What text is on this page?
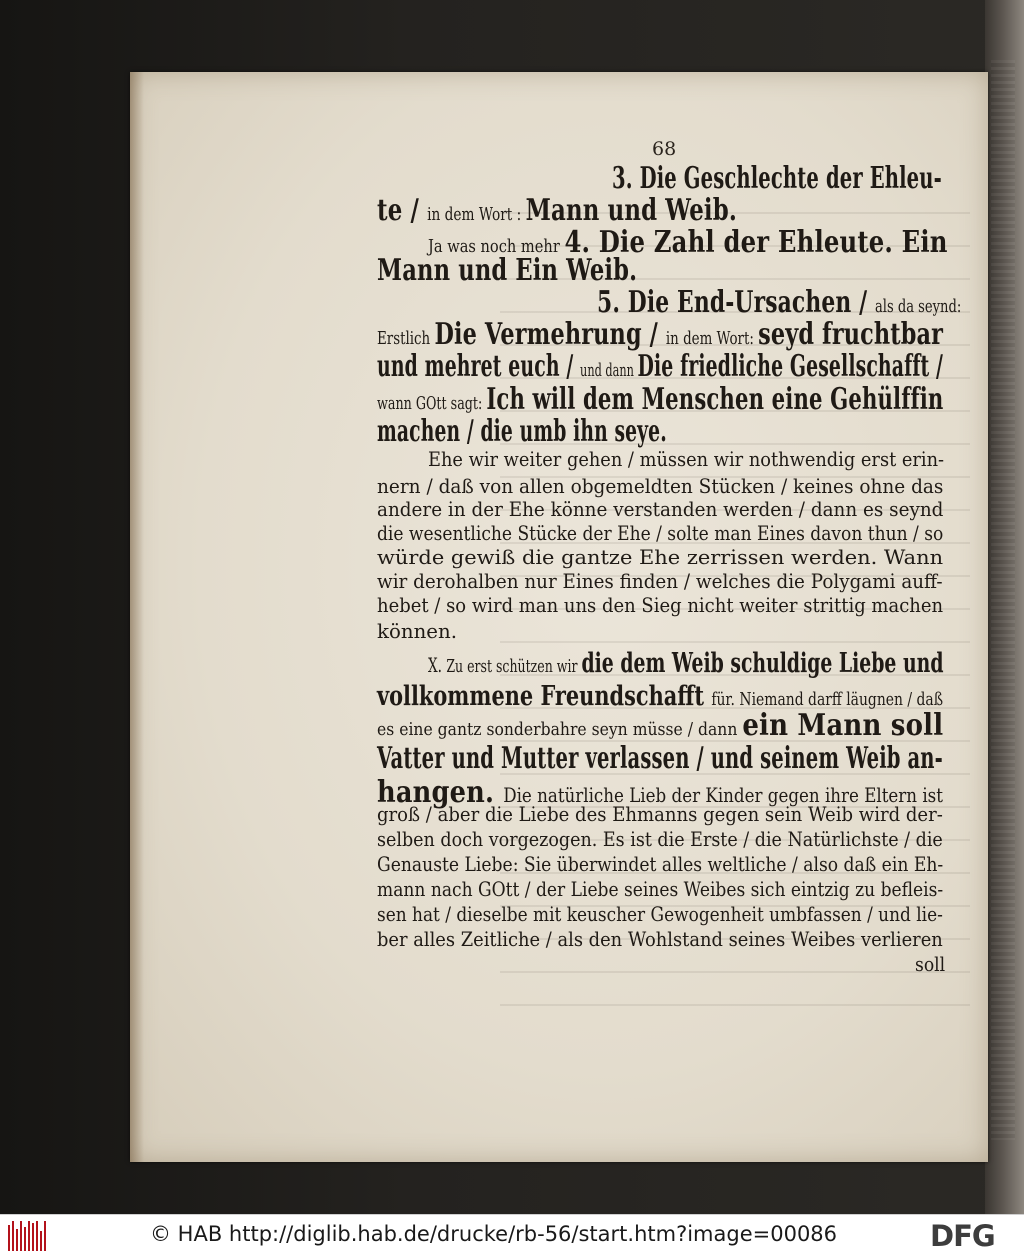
68
3. Die Geschlechte der Ehleu-
te / in dem Wort : Mann und Weib.
Ja was noch mehr 4. Die Zahl der Ehleute. Ein
Mann und Ein Weib.
5. Die End-Ursachen / als da seynd:
Erstlich Die Vermehrung / in dem Wort: seyd fruchtbar
und mehret euch / und dann Die friedliche Gesellschafft /
wann GOtt sagt: Ich will dem Menschen eine Gehülffin
machen / die umb ihn seye.
Ehe wir weiter gehen / müssen wir nothwendig erst erin-
nern / daß von allen obgemeldten Stücken / keines ohne das
andere in der Ehe könne verstanden werden / dann es seynd
die wesentliche Stücke der Ehe / solte man Eines davon thun / so
würde gewiß die gantze Ehe zerrissen werden. Wann
wir derohalben nur Eines finden / welches die Polygami auff-
hebet / so wird man uns den Sieg nicht weiter strittig machen
können.
X. Zu erst schützen wir die dem Weib schuldige Liebe und
vollkommene Freundschafft für. Niemand darff läugnen / daß
es eine gantz sonderbahre seyn müsse / dann ein Mann soll
Vatter und Mutter verlassen / und seinem Weib an-
hangen. Die natürliche Lieb der Kinder gegen ihre Eltern ist
groß / aber die Liebe des Ehmanns gegen sein Weib wird der-
selben doch vorgezogen. Es ist die Erste / die Natürlichste / die
Genauste Liebe: Sie überwindet alles weltliche / also daß ein Eh-
mann nach GOtt / der Liebe seines Weibes sich eintzig zu befleis-
sen hat / dieselbe mit keuscher Gewogenheit umbfassen / und lie-
ber alles Zeitliche / als den Wohlstand seines Weibes verlieren
soll
© HAB http://diglib.hab.de/drucke/rb-56/start.htm?image=00086	DFG
